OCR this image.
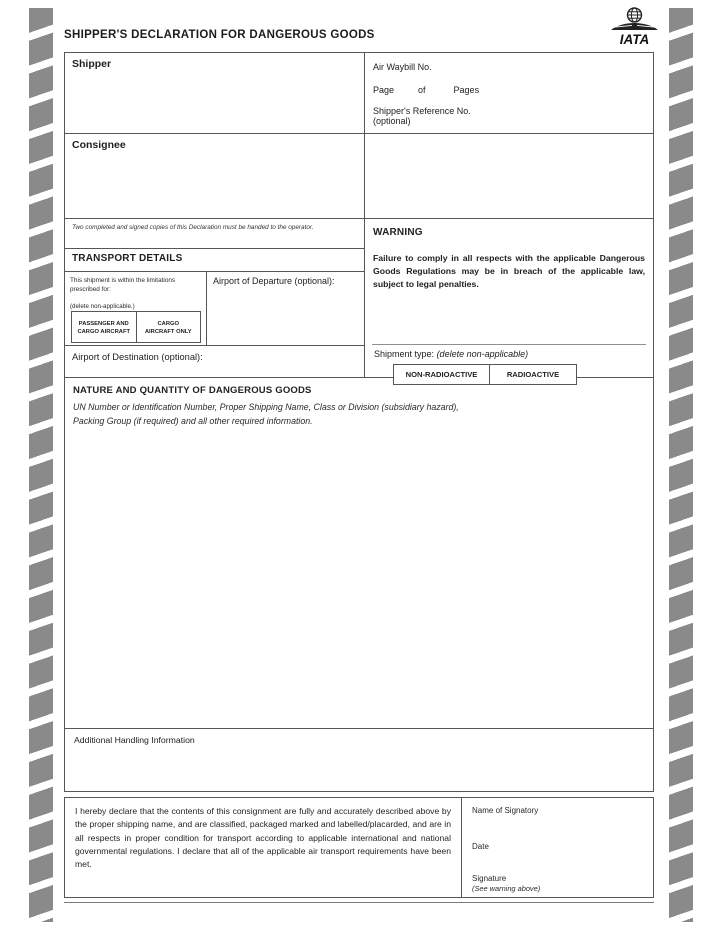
SHIPPER'S DECLARATION FOR DANGEROUS GOODS	IATA
Shipper
Consignee
Two completed and signed copies of this Declaration must be handed to the operator.
TRANSPORT DETAILS
This shipment is within the limitations
prescribed for:
(delete non-applicable.)
PASSENGER AND
CARGO AIRCRAFT
CARGO
AIRCRAFT ONLY
Airport of Departure (optional):
Airport of Destination (optional):
Air Waybill No.
Page	of	Pages
Shipper's Reference No.
(optional)
WARNING
Failure to comply in all respects with the applicable Dangerous Goods Regulations may be in breach of the applicable law, subject to legal penalties.
Shipment type: (delete non-applicable)
NON-RADIOACTIVE	RADIOACTIVE
NATURE AND QUANTITY OF DANGEROUS GOODS
UN Number or Identification Number, Proper Shipping Name, Class or Division (subsidiary hazard),
Packing Group (if required) and all other required information.
Additional Handling Information
I hereby declare that the contents of this consignment are fully and accurately described above by the proper shipping name, and are classified, packaged marked and labelled/placarded, and are in all respects in proper condition for transport according to applicable international and national governmental regulations. I declare that all of the applicable air transport requirements have been met.
Name of Signatory
Date
Signature
(See warning above)
